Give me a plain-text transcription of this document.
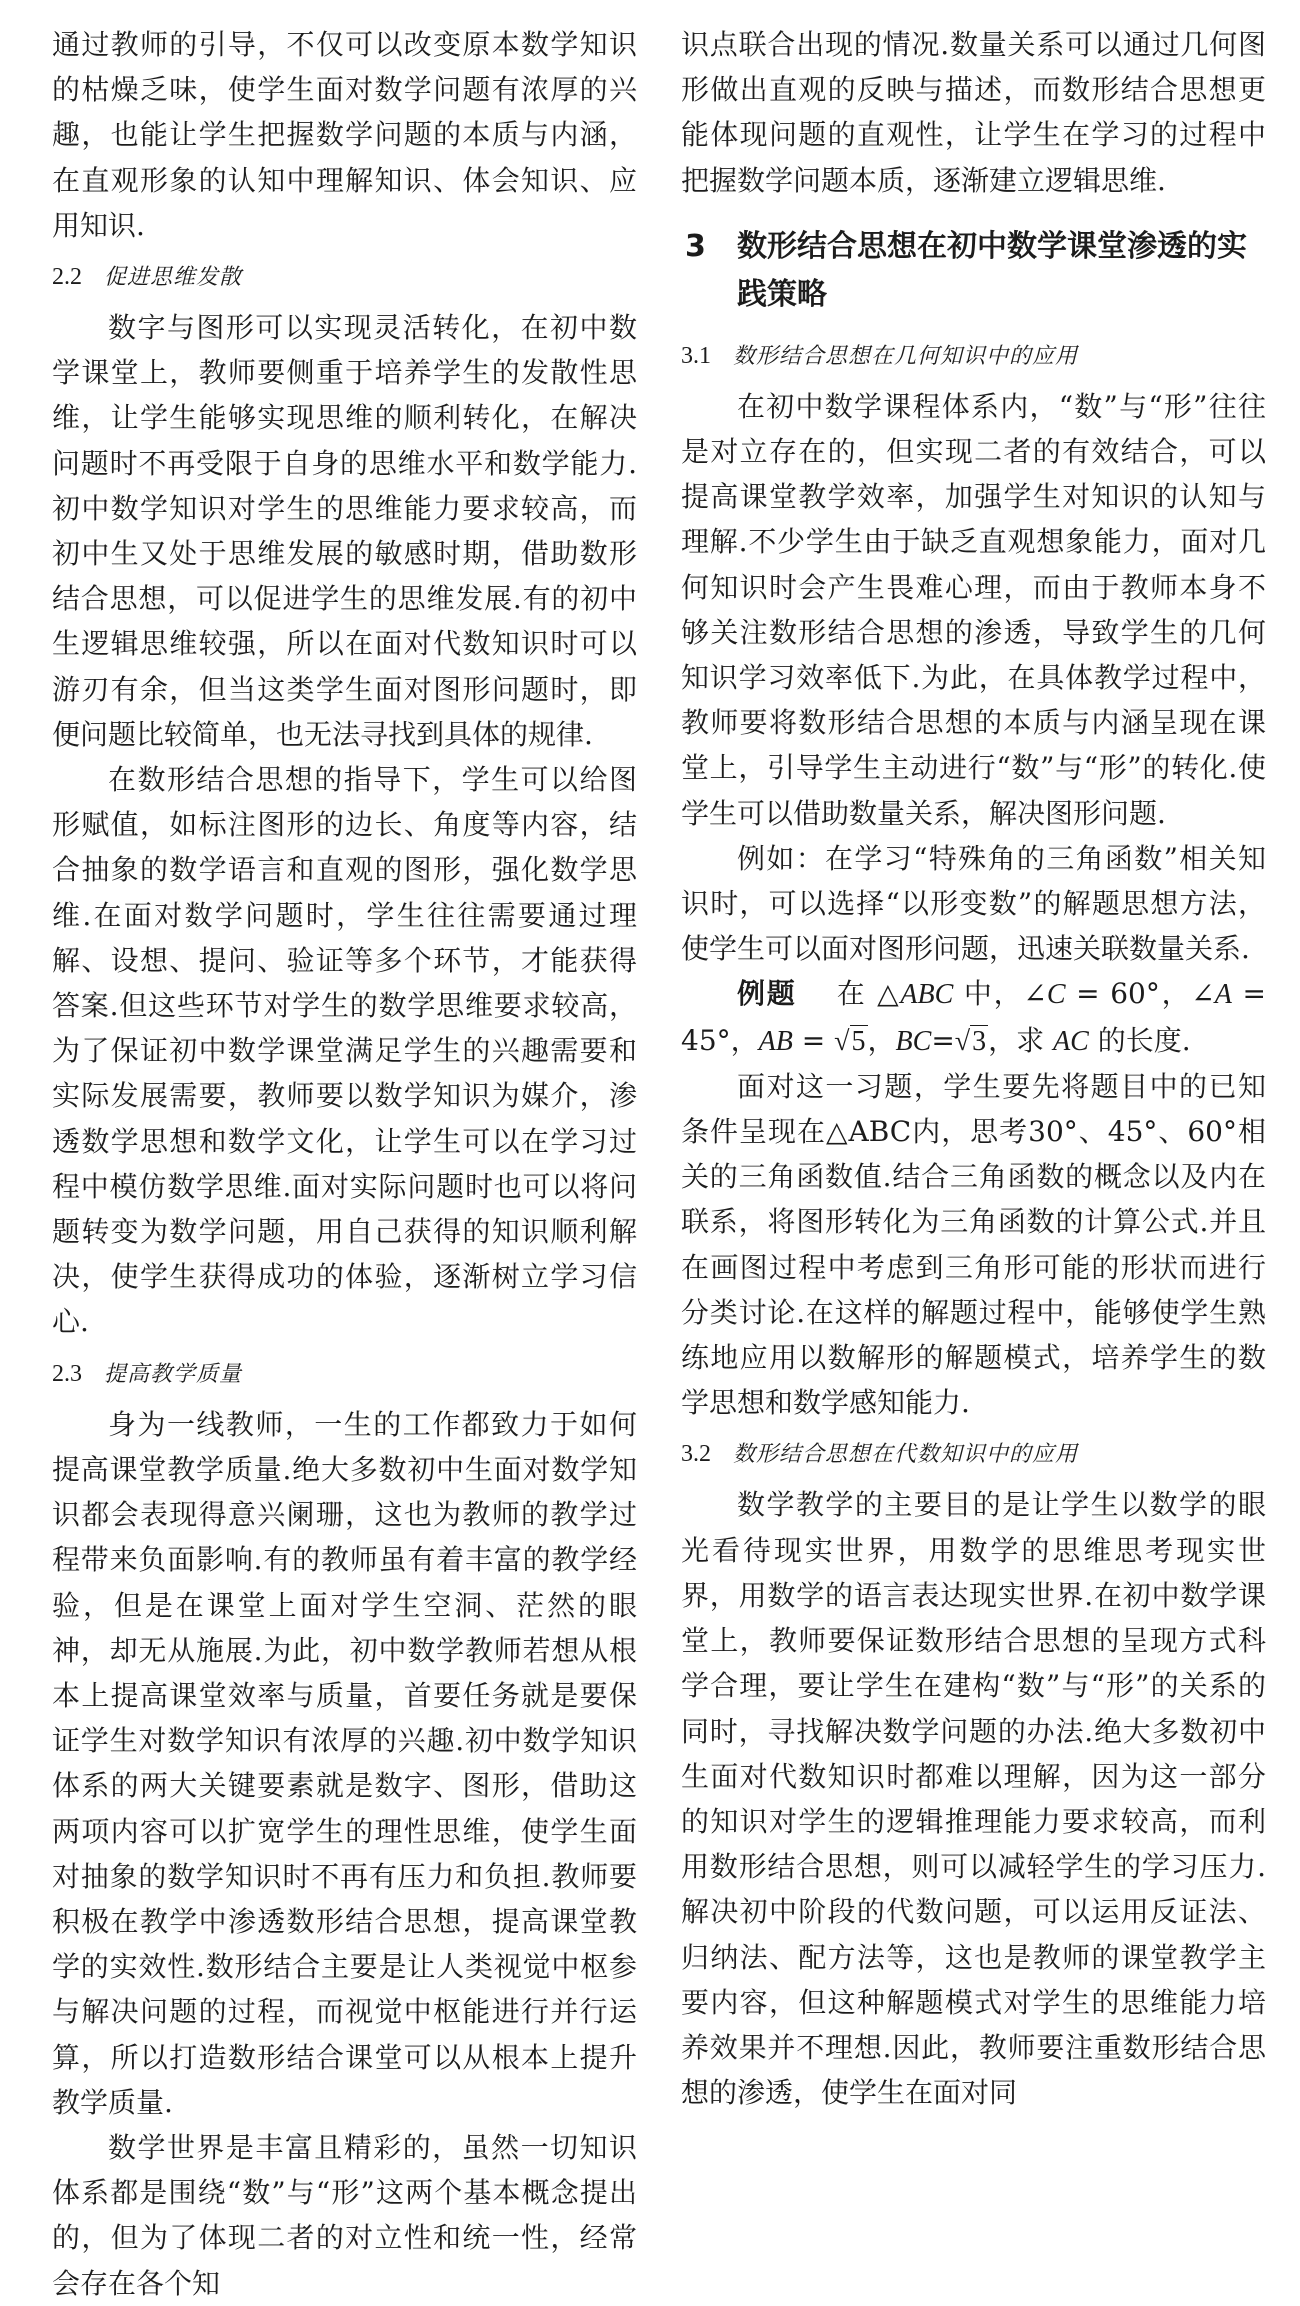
通过教师的引导，不仅可以改变原本数学知识的枯燥乏味，使学生面对数学问题有浓厚的兴趣，也能让学生把握数学问题的本质与内涵，在直观形象的认知中理解知识、体会知识、应用知识.

2.2 促进思维发散

数字与图形可以实现灵活转化，在初中数学课堂上，教师要侧重于培养学生的发散性思维，让学生能够实现思维的顺利转化，在解决问题时不再受限于自身的思维水平和数学能力.初中数学知识对学生的思维能力要求较高，而初中生又处于思维发展的敏感时期，借助数形结合思想，可以促进学生的思维发展.有的初中生逻辑思维较强，所以在面对代数知识时可以游刃有余，但当这类学生面对图形问题时，即便问题比较简单，也无法寻找到具体的规律.

在数形结合思想的指导下，学生可以给图形赋值，如标注图形的边长、角度等内容，结合抽象的数学语言和直观的图形，强化数学思维.在面对数学问题时，学生往往需要通过理解、设想、提问、验证等多个环节，才能获得答案.但这些环节对学生的数学思维要求较高，为了保证初中数学课堂满足学生的兴趣需要和实际发展需要，教师要以数学知识为媒介，渗透数学思想和数学文化，让学生可以在学习过程中模仿数学思维.面对实际问题时也可以将问题转变为数学问题，用自己获得的知识顺利解决，使学生获得成功的体验，逐渐树立学习信心.

2.3 提高教学质量

身为一线教师，一生的工作都致力于如何提高课堂教学质量.绝大多数初中生面对数学知识都会表现得意兴阑珊，这也为教师的教学过程带来负面影响.有的教师虽有着丰富的教学经验，但是在课堂上面对学生空洞、茫然的眼神，却无从施展.为此，初中数学教师若想从根本上提高课堂效率与质量，首要任务就是要保证学生对数学知识有浓厚的兴趣.初中数学知识体系的两大关键要素就是数字、图形，借助这两项内容可以扩宽学生的理性思维，使学生面对抽象的数学知识时不再有压力和负担.教师要积极在教学中渗透数形结合思想，提高课堂教学的实效性.数形结合主要是让人类视觉中枢参与解决问题的过程，而视觉中枢能进行并行运算，所以打造数形结合课堂可以从根本上提升教学质量.

数学世界是丰富且精彩的，虽然一切知识体系都是围绕“数”与“形”这两个基本概念提出的，但为了体现二者的对立性和统一性，经常会存在各个知

识点联合出现的情况.数量关系可以通过几何图形做出直观的反映与描述，而数形结合思想更能体现问题的直观性，让学生在学习的过程中把握数学问题本质，逐渐建立逻辑思维.

3 数形结合思想在初中数学课堂渗透的实践策略
3.1 数形结合思想在几何知识中的应用

在初中数学课程体系内，“数”与“形”往往是对立存在的，但实现二者的有效结合，可以提高课堂教学效率，加强学生对知识的认知与理解.不少学生由于缺乏直观想象能力，面对几何知识时会产生畏难心理，而由于教师本身不够关注数形结合思想的渗透，导致学生的几何知识学习效率低下.为此，在具体教学过程中，教师要将数形结合思想的本质与内涵呈现在课堂上，引导学生主动进行“数”与“形”的转化.使学生可以借助数量关系，解决图形问题.

例如：在学习“特殊角的三角函数”相关知识时，可以选择“以形变数”的解题思想方法，使学生可以面对图形问题，迅速关联数量关系.

例题　 在 △ABC 中，∠C = 60°，∠A = 45°，AB = √5，BC=√3，求 AC 的长度.

面对这一习题，学生要先将题目中的已知条件呈现在△ABC内，思考30°、45°、60°相关的三角函数值.结合三角函数的概念以及内在联系，将图形转化为三角函数的计算公式.并且在画图过程中考虑到三角形可能的形状而进行分类讨论.在这样的解题过程中，能够使学生熟练地应用以数解形的解题模式，培养学生的数学思想和数学感知能力.

3.2 数形结合思想在代数知识中的应用

数学教学的主要目的是让学生以数学的眼光看待现实世界，用数学的思维思考现实世界，用数学的语言表达现实世界.在初中数学课堂上，教师要保证数形结合思想的呈现方式科学合理，要让学生在建构“数”与“形”的关系的同时，寻找解决数学问题的办法.绝大多数初中生面对代数知识时都难以理解，因为这一部分的知识对学生的逻辑推理能力要求较高，而利用数形结合思想，则可以减轻学生的学习压力.解决初中阶段的代数问题，可以运用反证法、归纳法、配方法等，这也是教师的课堂教学主要内容，但这种解题模式对学生的思维能力培养效果并不理想.因此，教师要注重数形结合思想的渗透，使学生在面对同
